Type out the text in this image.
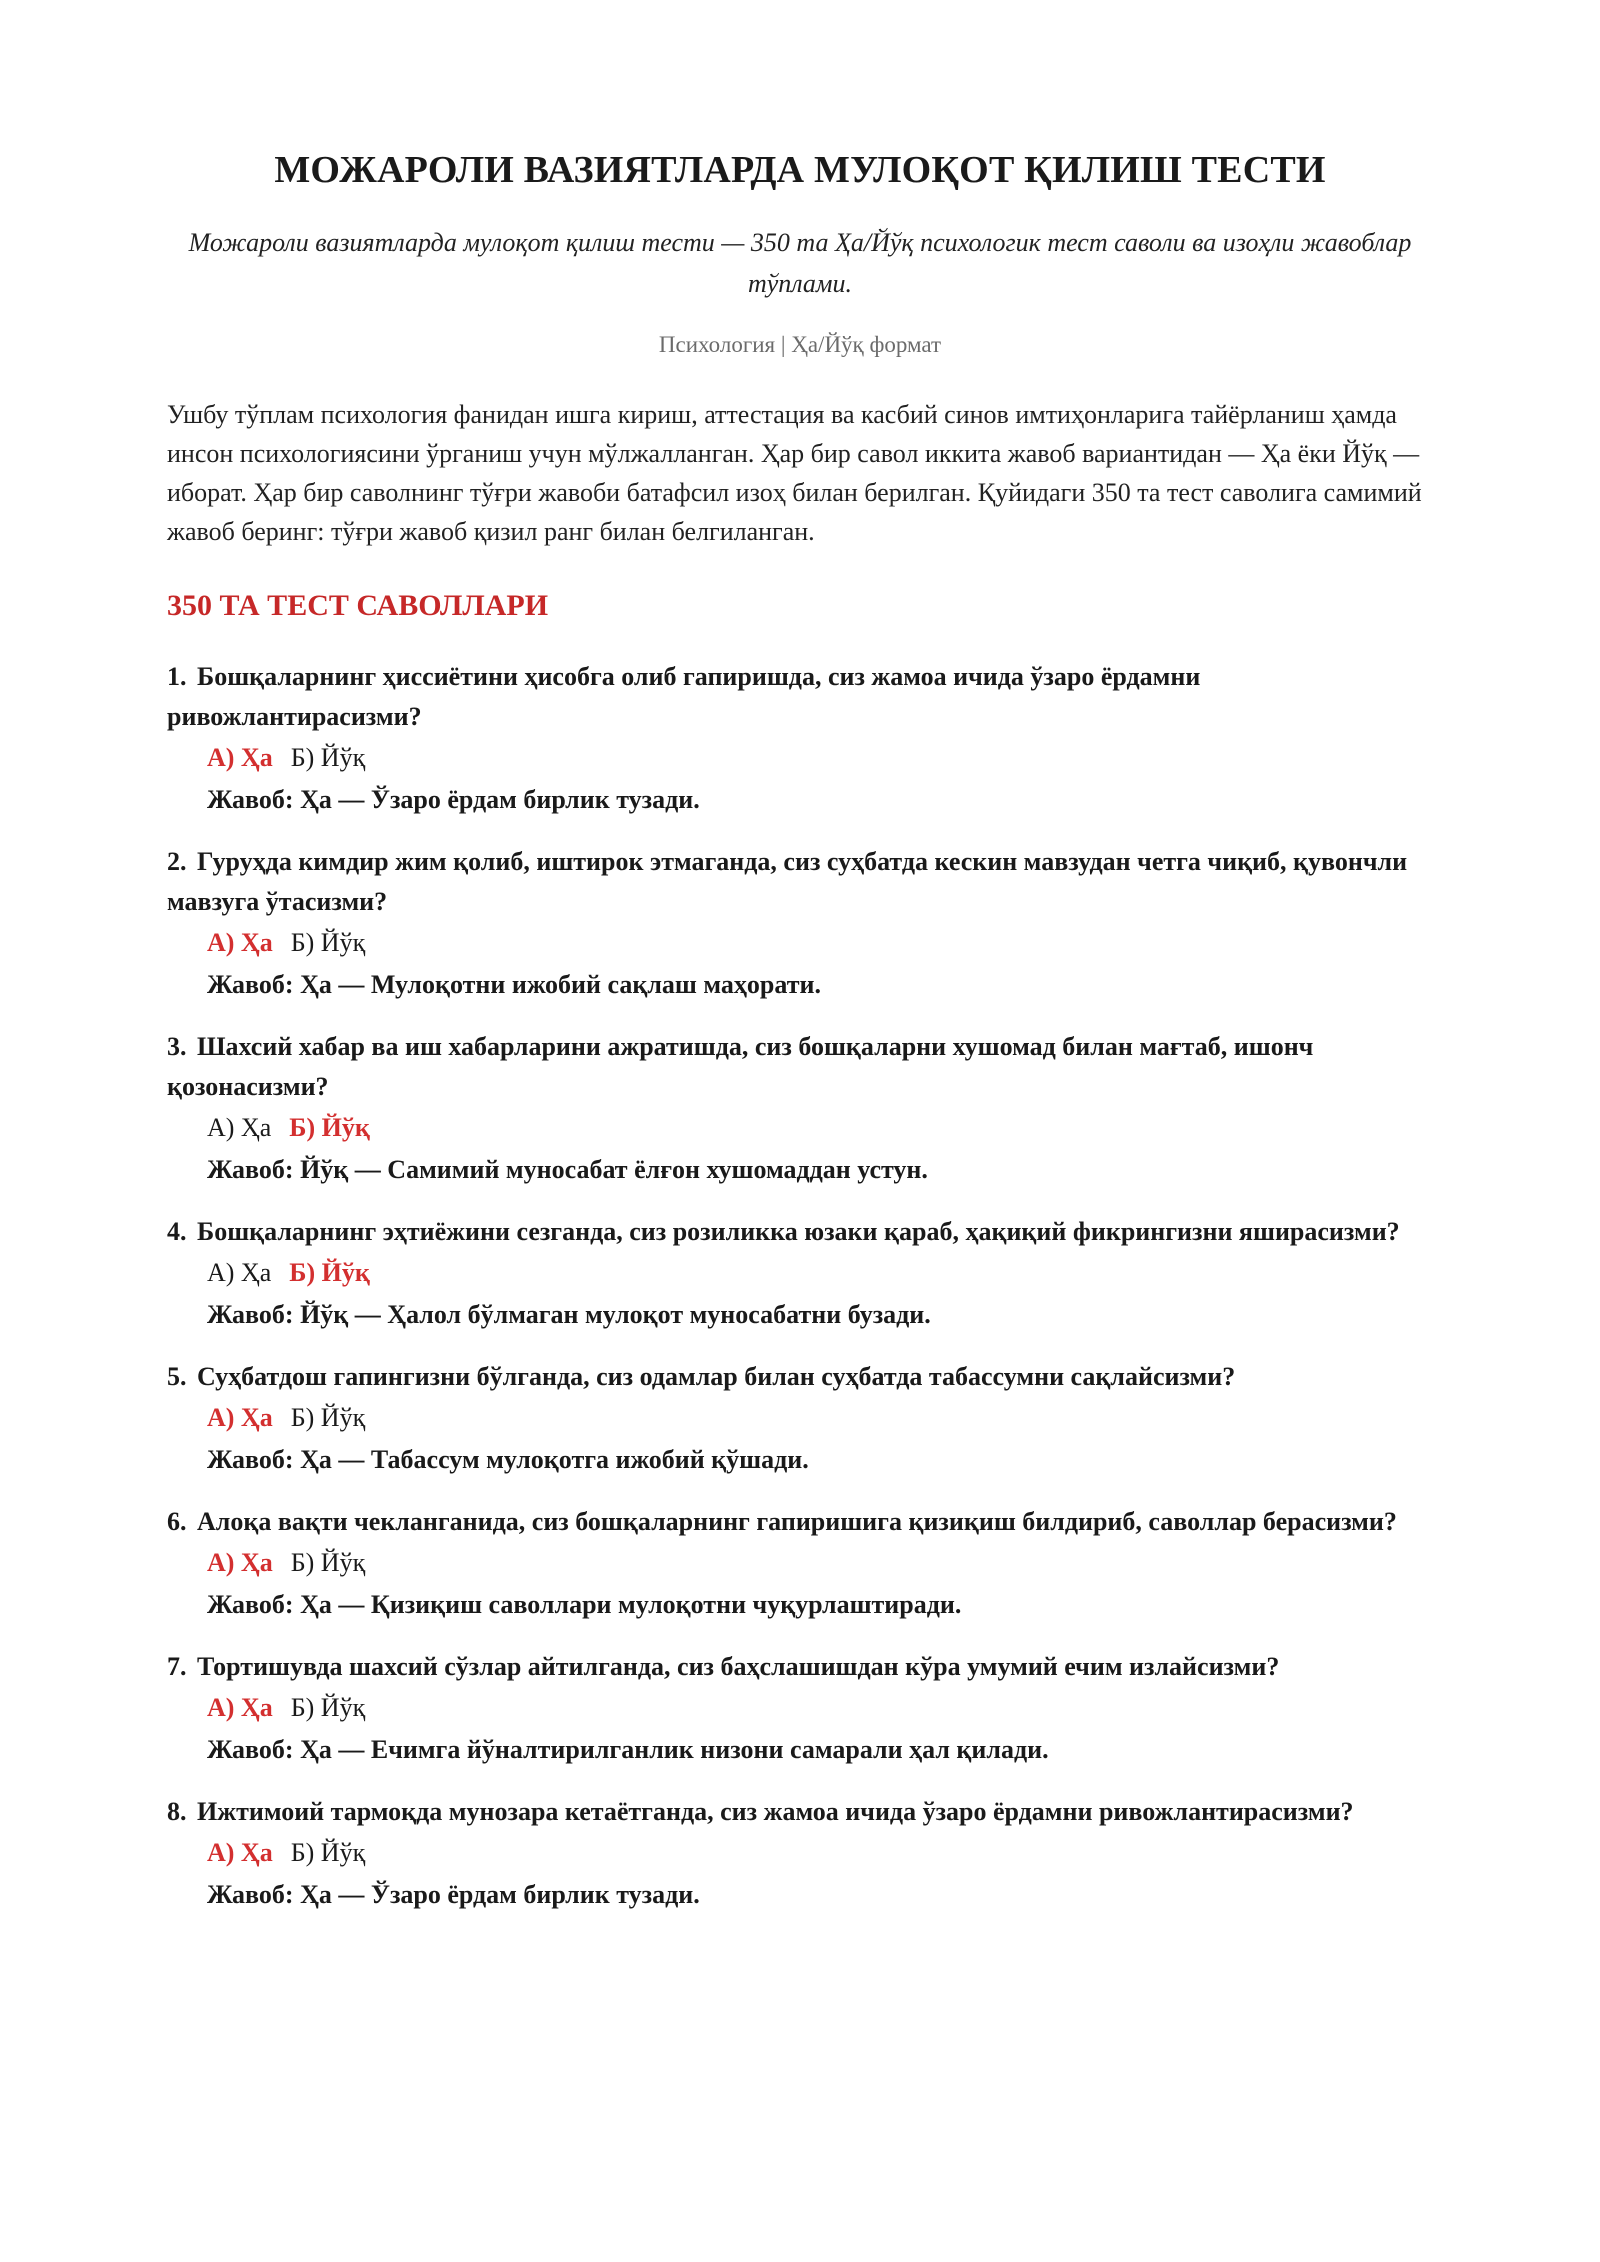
МОЖАРОЛИ ВАЗИЯТЛАРДА МУЛОҚОТ ҚИЛИШ ТЕСТИ

Можароли вазиятларда мулоқот қилиш тести — 350 та Ҳа/Йўқ психологик тест саволи ва изоҳли жавоблар тўплами.

Психология | Ҳа/Йўқ формат

Ушбу тўплам психология фанидан ишга кириш, аттестация ва касбий синов имтиҳонларига тайёрланиш ҳамда инсон психологиясини ўрганиш учун мўлжалланган. Ҳар бир савол иккита жавоб вариантидан — Ҳа ёки Йўқ — иборат. Ҳар бир саволнинг тўғри жавоби батафсил изоҳ билан берилган. Қуйидаги 350 та тест саволига самимий жавоб беринг: тўғри жавоб қизил ранг билан белгиланган.

350 ТА ТЕСТ САВОЛЛАРИ
1. Бошқаларнинг ҳиссиётини ҳисобга олиб гапиришда, сиз жамоа ичида ўзаро ёрдамни ривожлантирасизми?
А) Ҳа Б) Йўқ
Жавоб: Ҳа — Ўзаро ёрдам бирлик тузади.
2. Гуруҳда кимдир жим қолиб, иштирок этмаганда, сиз суҳбатда кескин мавзудан четга чиқиб, қувончли мавзуга ўтасизми?
А) Ҳа Б) Йўқ
Жавоб: Ҳа — Мулоқотни ижобий сақлаш маҳорати.
3. Шахсий хабар ва иш хабарларини ажратишда, сиз бошқаларни хушомад билан мағтаб, ишонч қозонасизми?
А) Ҳа Б) Йўқ
Жавоб: Йўқ — Самимий муносабат ёлғон хушомаддан устун.
4. Бошқаларнинг эҳтиёжини сезганда, сиз розиликка юзаки қараб, ҳақиқий фикрингизни яширасизми?
А) Ҳа Б) Йўқ
Жавоб: Йўқ — Ҳалол бўлмаган мулоқот муносабатни бузади.
5. Суҳбатдош гапингизни бўлганда, сиз одамлар билан суҳбатда табассумни сақлайсизми?
А) Ҳа Б) Йўқ
Жавоб: Ҳа — Табассум мулоқотга ижобий қўшади.
6. Алоқа вақти чекланганида, сиз бошқаларнинг гапиришига қизиқиш билдириб, саволлар берасизми?
А) Ҳа Б) Йўқ
Жавоб: Ҳа — Қизиқиш саволлари мулоқотни чуқурлаштиради.
7. Тортишувда шахсий сўзлар айтилганда, сиз баҳслашишдан кўра умумий ечим излайсизми?
А) Ҳа Б) Йўқ
Жавоб: Ҳа — Ечимга йўналтирилганлик низони самарали ҳал қилади.
8. Ижтимоий тармоқда мунозара кетаётганда, сиз жамоа ичида ўзаро ёрдамни ривожлантирасизми?
А) Ҳа Б) Йўқ
Жавоб: Ҳа — Ўзаро ёрдам бирлик тузади.
